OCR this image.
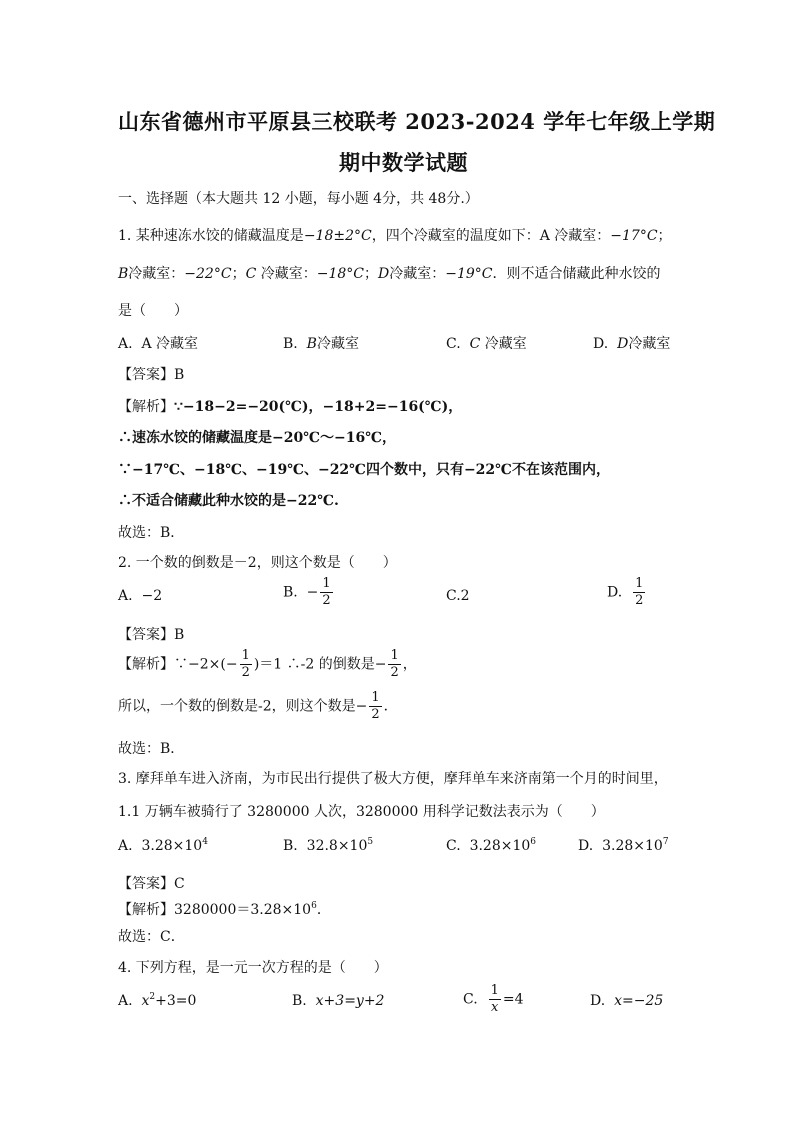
山东省德州市平原县三校联考 2023-2024 学年七年级上学期
期中数学试题
一、选择题（本大题共 12 小题，每小题 4分，共 48分.）
1. 某种速冻水饺的储藏温度是−18±2°C，四个冷藏室的温度如下：A 冷藏室：−17°C；
B冷藏室：−22°C；C 冷藏室：−18°C；D冷藏室：−19°C．则不适合储藏此种水饺的
是（　　）
A. A 冷藏室	B. B冷藏室	C. C 冷藏室	D. D冷藏室
【答案】B
【解析】∵−18−2=−20(℃)，−18+2=−16(℃)，
∴速冻水饺的储藏温度是−20℃～−16℃，
∵−17℃、−18℃、−19℃、−22℃四个数中，只有−22℃不在该范围内，
∴不适合储藏此种水饺的是−22℃.
故选：B．
2. 一个数的倒数是－2，则这个数是（　　）
A. −2	B. − $\frac{1}{2}$	C.2	D. $\frac{1}{2}$
【答案】B
【解析】∵−2×(− $\frac{1}{2} )=1$ ∴-2 的倒数是− $\frac{1}{2}$ ，
所以，一个数的倒数是-2，则这个数是− $\frac{1}{2}$ ．
故选：B．
3. 摩拜单车进入济南，为市民出行提供了极大方便，摩拜单车来济南第一个月的时间里，
1.1 万辆车被骑行了 3280000 人次，3280000 用科学记数法表示为（　　）
A. $3.28\times 10^4$	B. $32.8\times 10^5$	C. $3.28\times 10^6$	D. $3.28\times 10^7$
【答案】C
【解析】$3280000=3.28\times 10^6$．
故选：C．
4. 下列方程，是一元一次方程的是（　　）
A. $x^2+3=0$	B. x+3=y+2	C. $\frac{1}{x} =4$	D. x=−25
